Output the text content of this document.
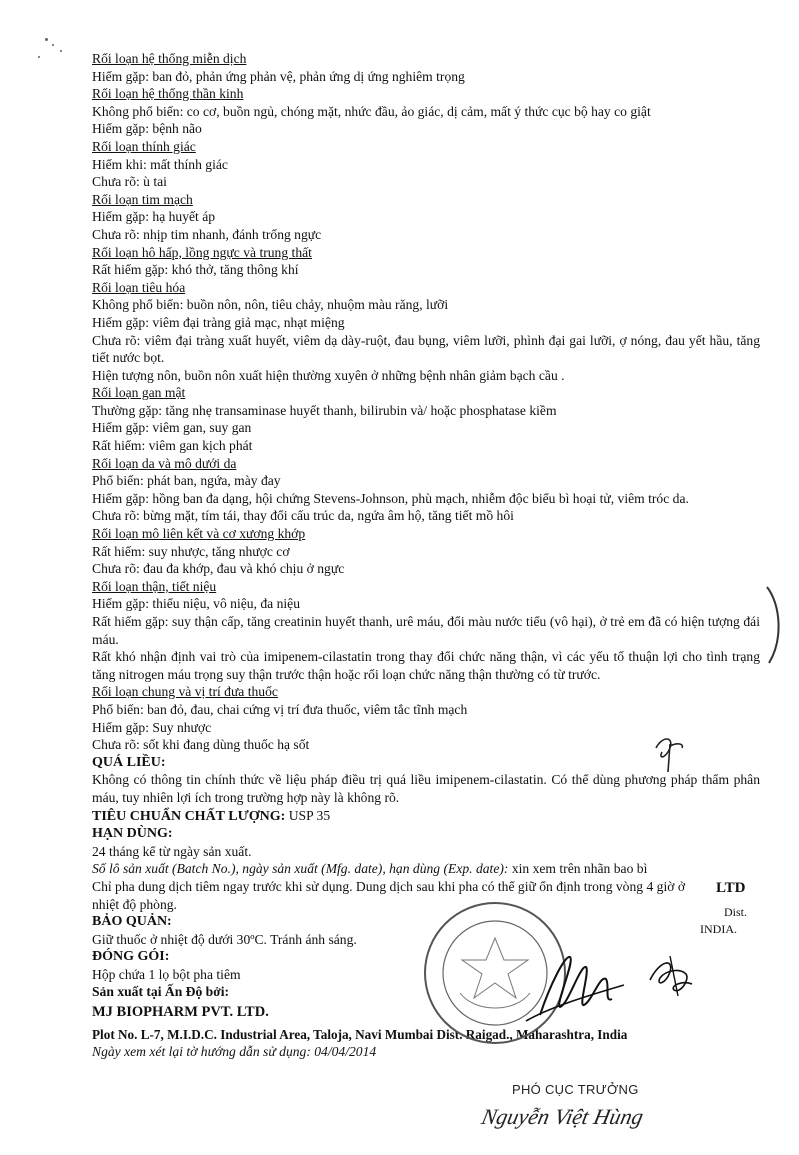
Rối loạn hệ thống miễn dịch

Hiếm gặp: ban đỏ, phản ứng phản vệ, phản ứng dị ứng nghiêm trọng

Rối loạn hệ thống thần kinh

Không phổ biến: co cơ, buồn ngủ, chóng mặt, nhức đầu, ảo giác, dị cảm, mất ý thức cục bộ hay co giật

Hiếm gặp: bệnh não

Rối loạn thính giác

Hiếm khi: mất thính giác

Chưa rõ: ù tai

Rối loạn tim mạch

Hiếm gặp: hạ huyết áp

Chưa rõ: nhịp tim nhanh, đánh trống ngực

Rối loạn hô hấp, lồng ngực và trung thất

Rất hiếm gặp: khó thở, tăng thông khí

Rối loạn tiêu hóa

Không phổ biến: buồn nôn, nôn, tiêu chảy, nhuộm màu răng, lưỡi

Hiếm gặp: viêm đại tràng giả mạc, nhạt miệng

Chưa rõ: viêm đại tràng xuất huyết, viêm dạ dày-ruột, đau bụng, viêm lưỡi, phình đại gai lưỡi, ợ nóng, đau yết hầu, tăng tiết nước bọt.

Hiện tượng nôn, buồn nôn xuất hiện thường xuyên ở những bệnh nhân giảm bạch cầu .

Rối loạn gan mật

Thường gặp: tăng nhẹ transaminase huyết thanh, bilirubin và/ hoặc phosphatase kiềm

Hiếm gặp: viêm gan, suy gan

Rất hiếm: viêm gan kịch phát

Rối loạn da và mô dưới da

Phổ biến: phát ban, ngứa, mày đay

Hiếm gặp: hồng ban đa dạng, hội chứng Stevens-Johnson, phù mạch, nhiễm độc biểu bì hoại tử, viêm tróc da.

Chưa rõ: bừng mặt, tím tái, thay đổi cấu trúc da, ngứa âm hộ, tăng tiết mồ hôi

Rối loạn mô liên kết và cơ xương khớp

Rất hiếm: suy nhược, tăng nhược cơ

Chưa rõ: đau đa khớp, đau và khó chịu ở ngực

Rối loạn thận, tiết niệu

Hiếm gặp: thiểu niệu, vô niệu, đa niệu

Rất hiếm gặp: suy thận cấp, tăng creatinin huyết thanh, urê máu, đổi màu nước tiểu (vô hại), ở trẻ em đã có hiện tượng đái máu.

Rất khó nhận định vai trò của imipenem-cilastatin trong thay đổi chức năng thận, vì các yếu tố thuận lợi cho tình trạng tăng nitrogen máu trọng suy thận trước thận hoặc rối loạn chức năng thận thường có từ trước.

Rối loạn chung và vị trí đưa thuốc

Phổ biến: ban đỏ, đau, chai cứng vị trí đưa thuốc, viêm tắc tĩnh mạch

Hiếm gặp: Suy nhược

Chưa rõ: sốt khi đang dùng thuốc hạ sốt

QUÁ LIỀU:

Không có thông tin chính thức về liệu pháp điều trị quá liều imipenem-cilastatin. Có thể dùng phương pháp thẩm phân máu, tuy nhiên lợi ích trong trường hợp này là không rõ.

TIÊU CHUẨN CHẤT LƯỢNG: USP 35

HẠN DÙNG:

24 tháng kể từ ngày sản xuất.

Số lô sản xuất (Batch No.), ngày sản xuất (Mfg. date), hạn dùng (Exp. date): xin xem trên nhãn bao bì

Chỉ pha dung dịch tiêm ngay trước khi sử dụng. Dung dịch sau khi pha có thể giữ ổn định trong vòng 4 giờ ở nhiệt độ phòng.

BẢO QUẢN:

Giữ thuốc ở nhiệt độ dưới 30ºC. Tránh ánh sáng.

ĐÓNG GÓI:

Hộp chứa 1 lọ bột pha tiêm

Sản xuất tại Ấn Độ bởi:

MJ BIOPHARM PVT. LTD.

Plot No. L-7, M.I.D.C. Industrial Area, Taloja, Navi Mumbai Dist. Raigad., Maharashtra, India

Ngày xem xét lại tờ hướng dẫn sử dụng: 04/04/2014

LTD
Dist.
INDIA.
PHÓ CỤC TRƯỞNG
Nguyễn Việt Hùng
